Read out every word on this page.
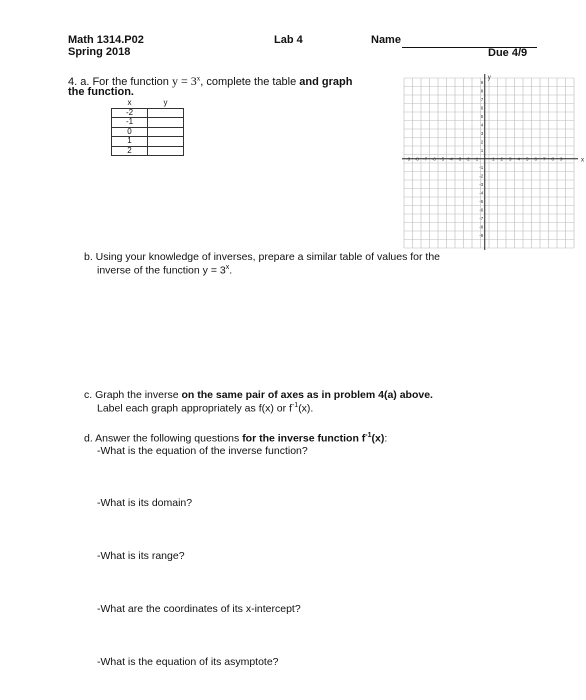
Math 1314.P02
Spring 2018
Lab 4	Name
Due 4/9
4. a. For the function $y = 3^x$, complete the table and graph
the function.
x	y
-2	
-1	
0	
1	
2	
-9 -8 -7 -6 -5 -4 -3 -2 -1	1 2 3 4 5 6 7 8 9
9
8
7
6
5
4
3
2
1
-1
-2
-3
-4
-5
-6
-7
-8
-9
x
y
b. Using your knowledge of inverses, prepare a similar table of values for the
inverse of the function $y = 3^x$.
c. Graph the inverse on the same pair of axes as in problem 4(a) above.
Label each graph appropriately as f(x) or $f^{-1}(x)$.
d. Answer the following questions for the inverse function $f^{-1}(x)$:
-What is the equation of the inverse function?
-What is its domain?
-What is its range?
-What are the coordinates of its x-intercept?
-What is the equation of its asymptote?
